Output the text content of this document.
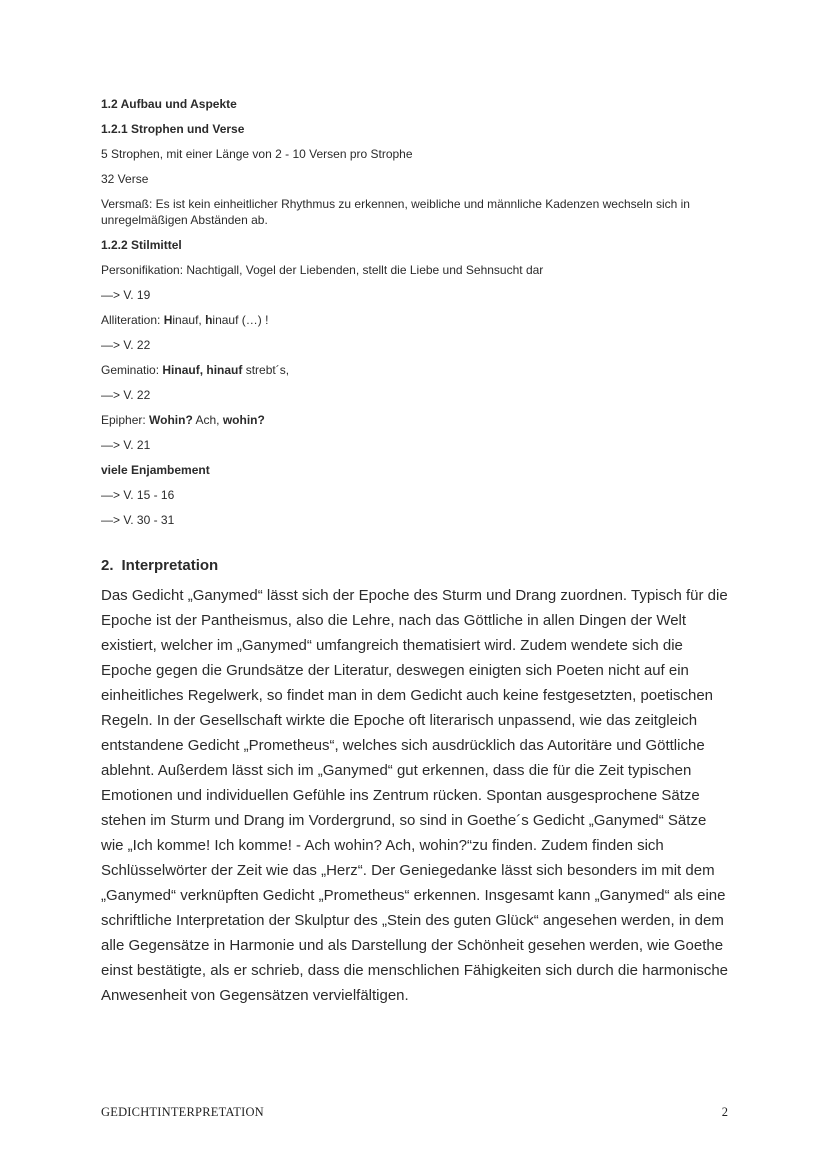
1.2 Aufbau und Aspekte
1.2.1 Strophen und Verse
5 Strophen, mit einer Länge von 2 - 10 Versen pro Strophe
32 Verse
Versmaß: Es ist kein einheitlicher Rhythmus zu erkennen, weibliche und männliche Kadenzen wechseln sich in unregelmäßigen Abständen ab.
1.2.2 Stilmittel
Personifikation: Nachtigall, Vogel der Liebenden, stellt die Liebe und Sehnsucht dar
—> V. 19
Alliteration: Hinauf, hinauf (…) !
—> V. 22
Geminatio: Hinauf, hinauf strebt´s,
—> V. 22
Epipher: Wohin? Ach, wohin?
—> V. 21
viele Enjambement
—> V. 15 - 16
—> V. 30 - 31
2. Interpretation

Das Gedicht „Ganymed“ lässt sich der Epoche des Sturm und Drang zuordnen. Typisch für die Epoche ist der Pantheismus, also die Lehre, nach das Göttliche in allen Dingen der Welt existiert, welcher im „Ganymed“ umfangreich thematisiert wird. Zudem wendete sich die Epoche gegen die Grundsätze der Literatur, deswegen einigten sich Poeten nicht auf ein einheitliches Regelwerk, so findet man in dem Gedicht auch keine festgesetzten, poetischen Regeln. In der Gesellschaft wirkte die Epoche oft literarisch unpassend, wie das zeitgleich entstandene Gedicht „Prometheus“, welches sich ausdrücklich das Autoritäre und Göttliche ablehnt. Außerdem lässt sich im „Ganymed“ gut erkennen, dass die für die Zeit typischen Emotionen und individuellen Gefühle ins Zentrum rücken. Spontan ausgesprochene Sätze stehen im Sturm und Drang im Vordergrund, so sind in Goethe´s Gedicht „Ganymed“ Sätze wie „Ich komme! Ich komme! - Ach wohin? Ach, wohin?“zu finden. Zudem finden sich Schlüsselwörter der Zeit wie das „Herz“. Der Geniegedanke lässt sich besonders im mit dem „Ganymed“ verknüpften Gedicht „Prometheus“ erkennen. Insgesamt kann „Ganymed“ als eine schriftliche Interpretation der Skulptur des „Stein des guten Glück“ angesehen werden, in dem alle Gegensätze in Harmonie und als Darstellung der Schönheit gesehen werden, wie Goethe einst bestätigte, als er schrieb, dass die menschlichen Fähigkeiten sich durch die harmonische Anwesenheit von Gegensätzen vervielfältigen.

GEDICHTINTERPRETATION	2
